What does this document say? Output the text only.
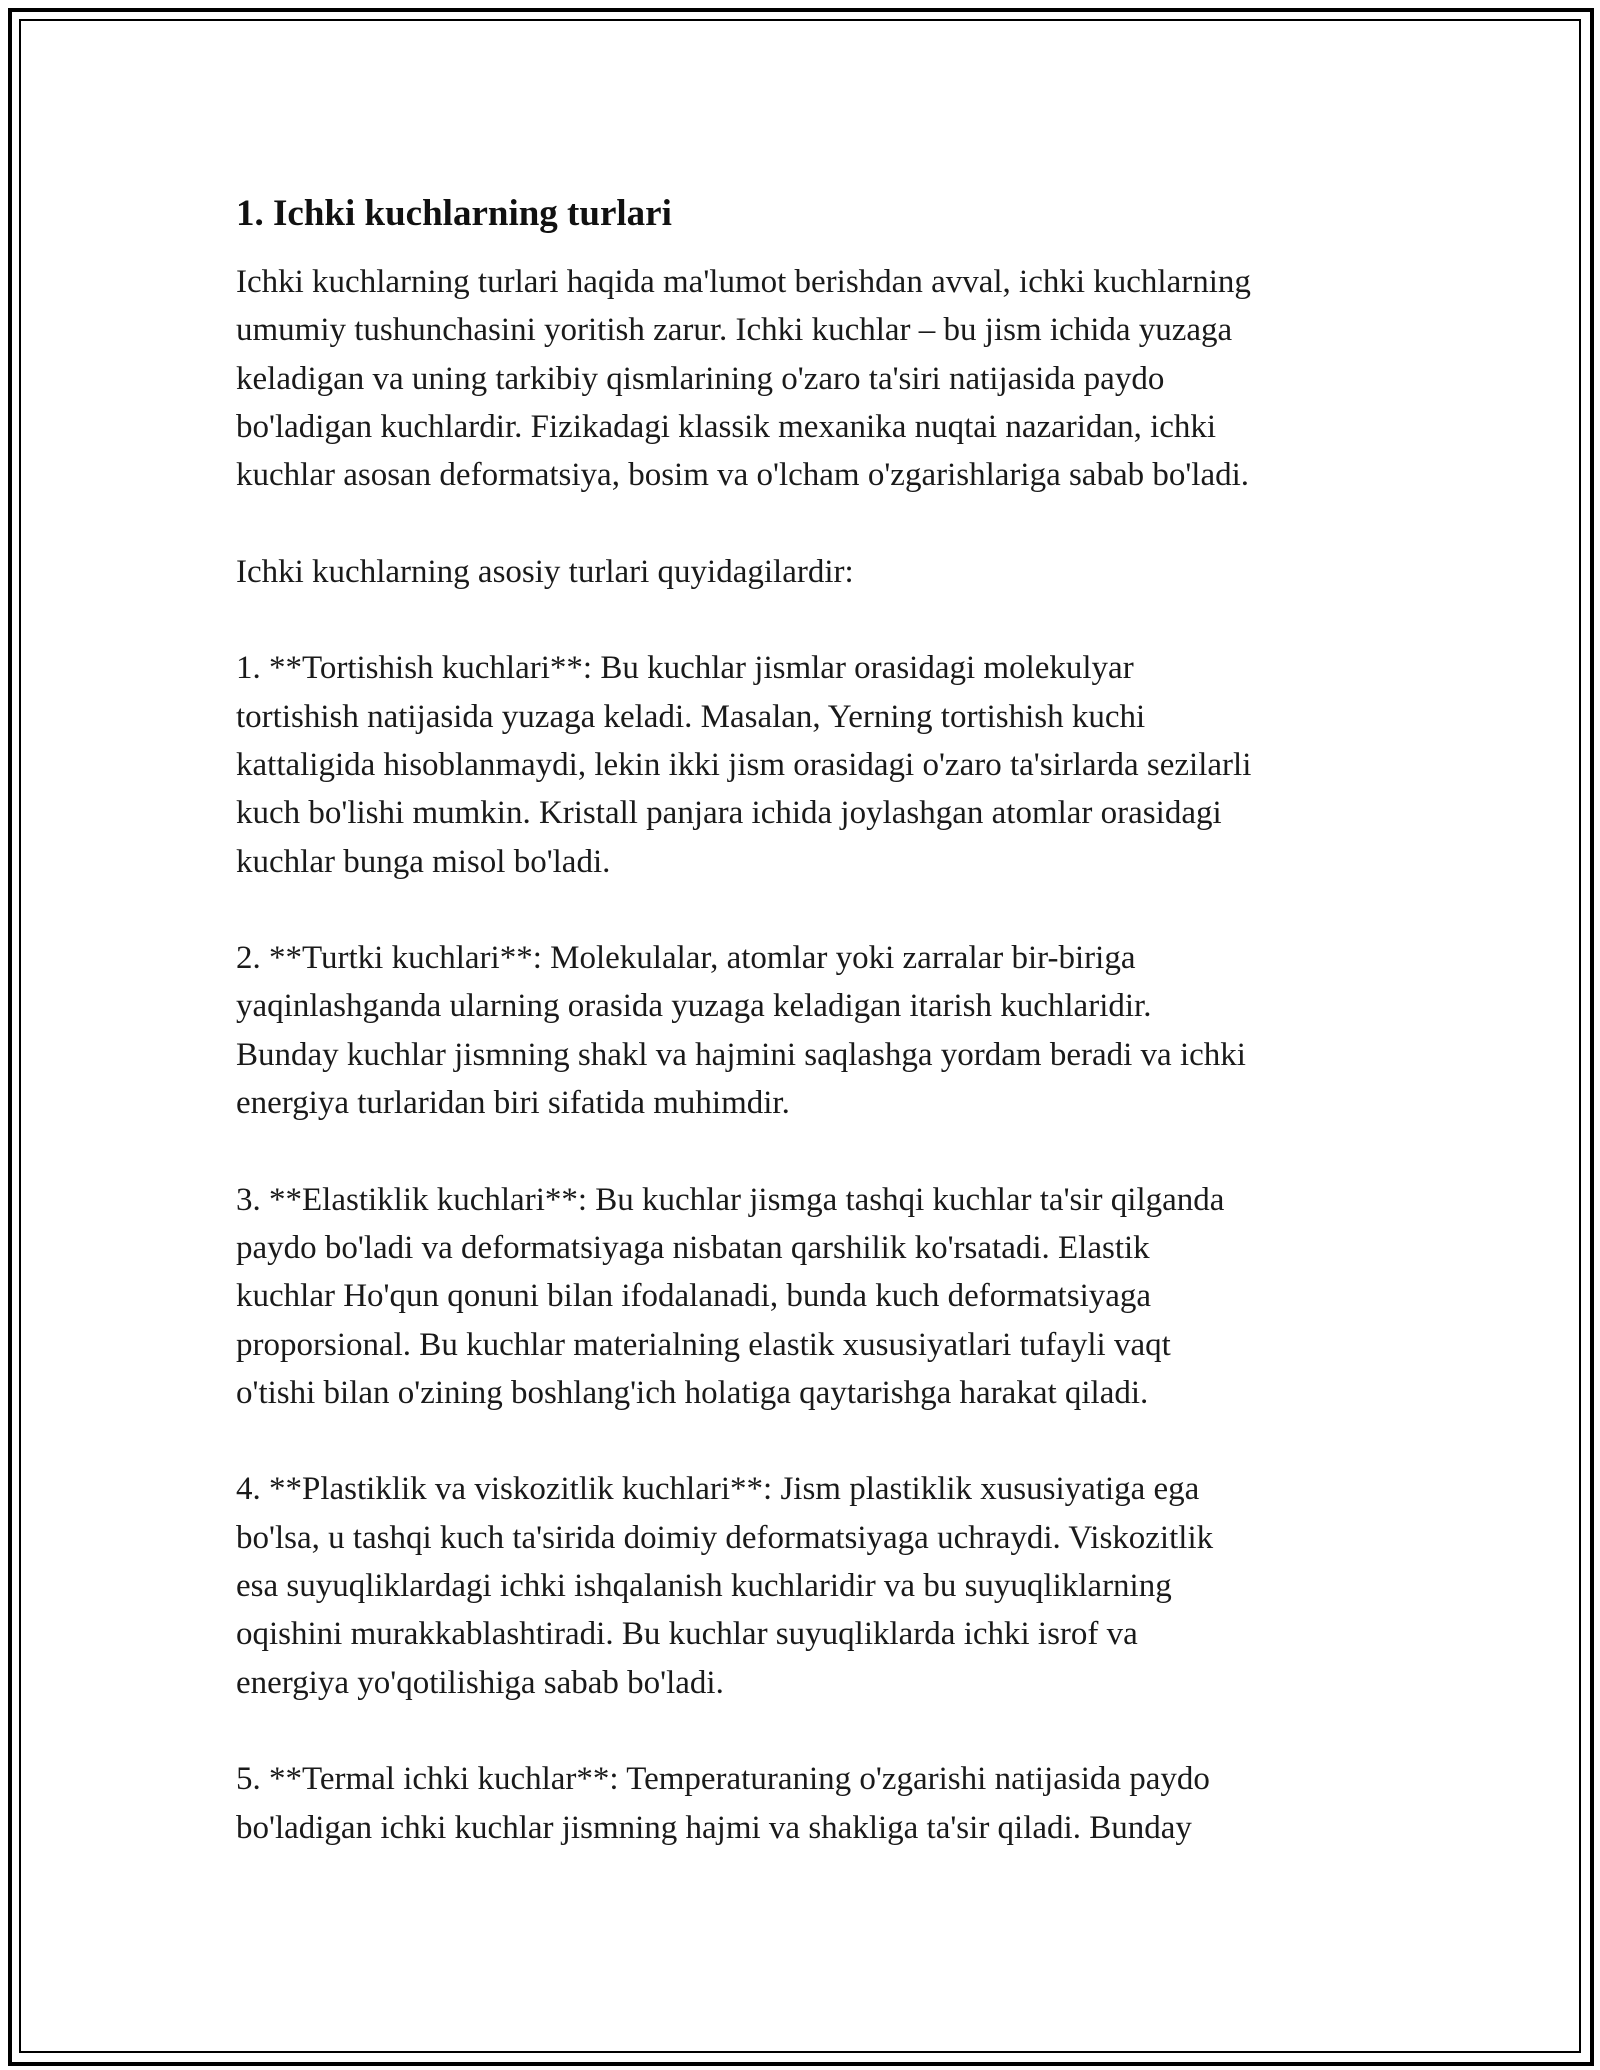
1. Ichki kuchlarning turlari

Ichki kuchlarning turlari haqida ma'lumot berishdan avval, ichki kuchlarning
umumiy tushunchasini yoritish zarur. Ichki kuchlar – bu jism ichida yuzaga
keladigan va uning tarkibiy qismlarining o'zaro ta'siri natijasida paydo
bo'ladigan kuchlardir. Fizikadagi klassik mexanika nuqtai nazaridan, ichki
kuchlar asosan deformatsiya, bosim va o'lcham o'zgarishlariga sabab bo'ladi.

Ichki kuchlarning asosiy turlari quyidagilardir:

1. **Tortishish kuchlari**: Bu kuchlar jismlar orasidagi molekulyar
tortishish natijasida yuzaga keladi. Masalan, Yerning tortishish kuchi
kattaligida hisoblanmaydi, lekin ikki jism orasidagi o'zaro ta'sirlarda sezilarli
kuch bo'lishi mumkin. Kristall panjara ichida joylashgan atomlar orasidagi
kuchlar bunga misol bo'ladi.

2. **Turtki kuchlari**: Molekulalar, atomlar yoki zarralar bir-biriga
yaqinlashganda ularning orasida yuzaga keladigan itarish kuchlaridir.
Bunday kuchlar jismning shakl va hajmini saqlashga yordam beradi va ichki
energiya turlaridan biri sifatida muhimdir.

3. **Elastiklik kuchlari**: Bu kuchlar jismga tashqi kuchlar ta'sir qilganda
paydo bo'ladi va deformatsiyaga nisbatan qarshilik ko'rsatadi. Elastik
kuchlar Ho'qun qonuni bilan ifodalanadi, bunda kuch deformatsiyaga
proporsional. Bu kuchlar materialning elastik xususiyatlari tufayli vaqt
o'tishi bilan o'zining boshlang'ich holatiga qaytarishga harakat qiladi.

4. **Plastiklik va viskozitlik kuchlari**: Jism plastiklik xususiyatiga ega
bo'lsa, u tashqi kuch ta'sirida doimiy deformatsiyaga uchraydi. Viskozitlik
esa suyuqliklardagi ichki ishqalanish kuchlaridir va bu suyuqliklarning
oqishini murakkablashtiradi. Bu kuchlar suyuqliklarda ichki isrof va
energiya yo'qotilishiga sabab bo'ladi.

5. **Termal ichki kuchlar**: Temperaturaning o'zgarishi natijasida paydo
bo'ladigan ichki kuchlar jismning hajmi va shakliga ta'sir qiladi. Bunday
